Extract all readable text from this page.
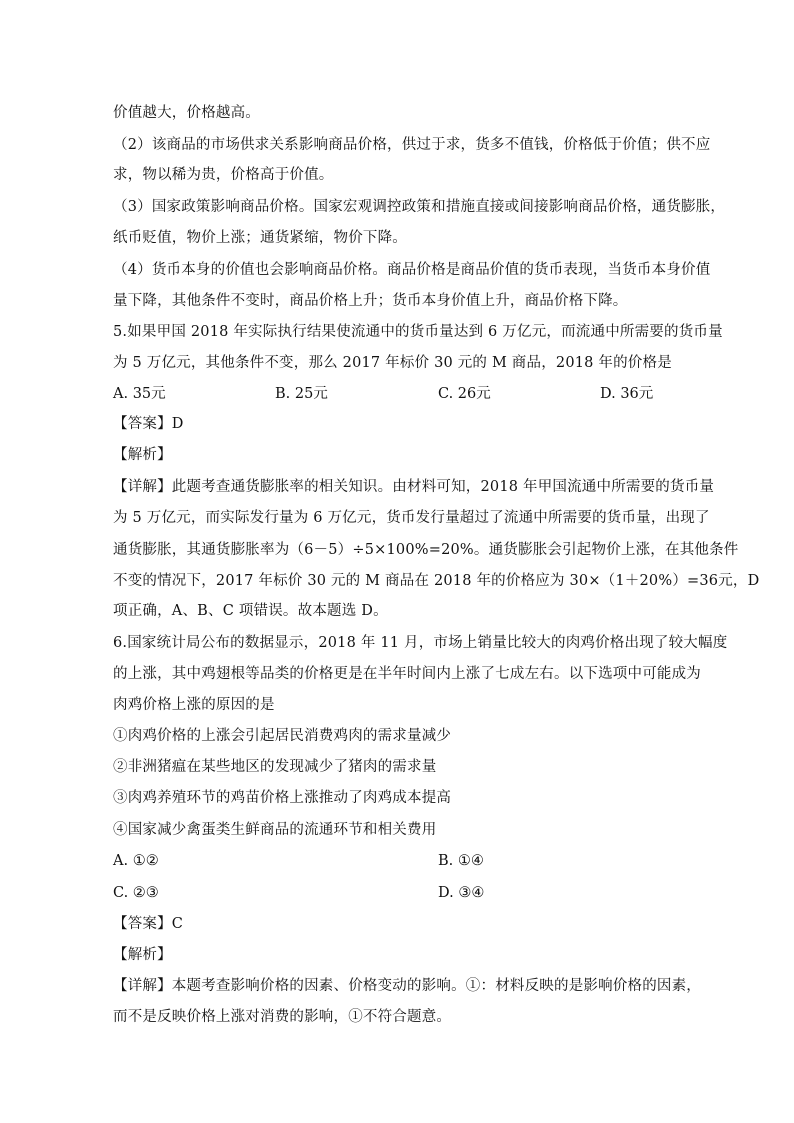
价值越大，价格越高。
（2）该商品的市场供求关系影响商品价格，供过于求，货多不值钱，价格低于价值；供不应
求，物以稀为贵，价格高于价值。
（3）国家政策影响商品价格。国家宏观调控政策和措施直接或间接影响商品价格，通货膨胀，
纸币贬值，物价上涨；通货紧缩，物价下降。
（4）货币本身的价值也会影响商品价格。商品价格是商品价值的货币表现，当货币本身价值
量下降，其他条件不变时，商品价格上升；货币本身价值上升，商品价格下降。
5.如果甲国 2018 年实际执行结果使流通中的货币量达到 6 万亿元，而流通中所需要的货币量
为 5 万亿元，其他条件不变，那么 2017 年标价 30 元的 M 商品，2018 年的价格是
A. 35元	B. 25元	C. 26元	D. 36元
【答案】D
【解析】
【详解】此题考查通货膨胀率的相关知识。由材料可知，2018 年甲国流通中所需要的货币量
为 5 万亿元，而实际发行量为 6 万亿元，货币发行量超过了流通中所需要的货币量，出现了
通货膨胀，其通货膨胀率为（6－5）÷5×100%=20%。通货膨胀会引起物价上涨，在其他条件
不变的情况下，2017 年标价 30 元的 M 商品在 2018 年的价格应为 30×（1＋20%）=36元，D
项正确，A、B、C 项错误。故本题选 D。
6.国家统计局公布的数据显示，2018 年 11 月，市场上销量比较大的肉鸡价格出现了较大幅度
的上涨，其中鸡翅根等品类的价格更是在半年时间内上涨了七成左右。以下选项中可能成为
肉鸡价格上涨的原因的是
①肉鸡价格的上涨会引起居民消费鸡肉的需求量减少
②非洲猪瘟在某些地区的发现减少了猪肉的需求量
③肉鸡养殖环节的鸡苗价格上涨推动了肉鸡成本提高
④国家减少禽蛋类生鲜商品的流通环节和相关费用
A. ①②	B. ①④
C. ②③	D. ③④
【答案】C
【解析】
【详解】本题考查影响价格的因素、价格变动的影响。①：材料反映的是影响价格的因素，
而不是反映价格上涨对消费的影响，①不符合题意。
